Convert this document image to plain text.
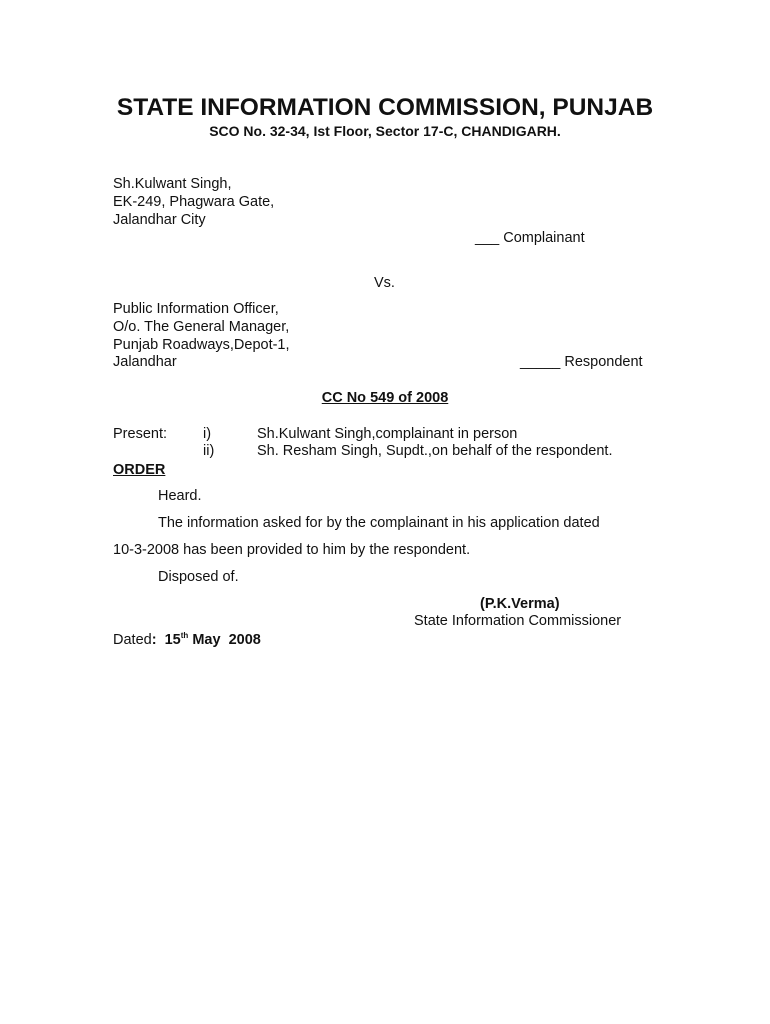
STATE INFORMATION COMMISSION, PUNJAB
SCO No. 32-34, Ist Floor, Sector 17-C, CHANDIGARH.
Sh.Kulwant Singh,
EK-249, Phagwara Gate,
Jalandhar City
___ Complainant
Vs.
Public Information Officer,
O/o. The General Manager,
Punjab Roadways,Depot-1,
Jalandhar	_____ Respondent
CC No 549 of 2008
Present: i)	Sh.Kulwant Singh,complainant in person
ii)	Sh. Resham Singh, Supdt.,on behalf of the respondent.
ORDER
Heard.
The information asked for by the complainant in his application dated
10-3-2008 has been provided to him by the respondent.
Disposed of.
(P.K.Verma)
State Information Commissioner
Dated: 15th May  2008
